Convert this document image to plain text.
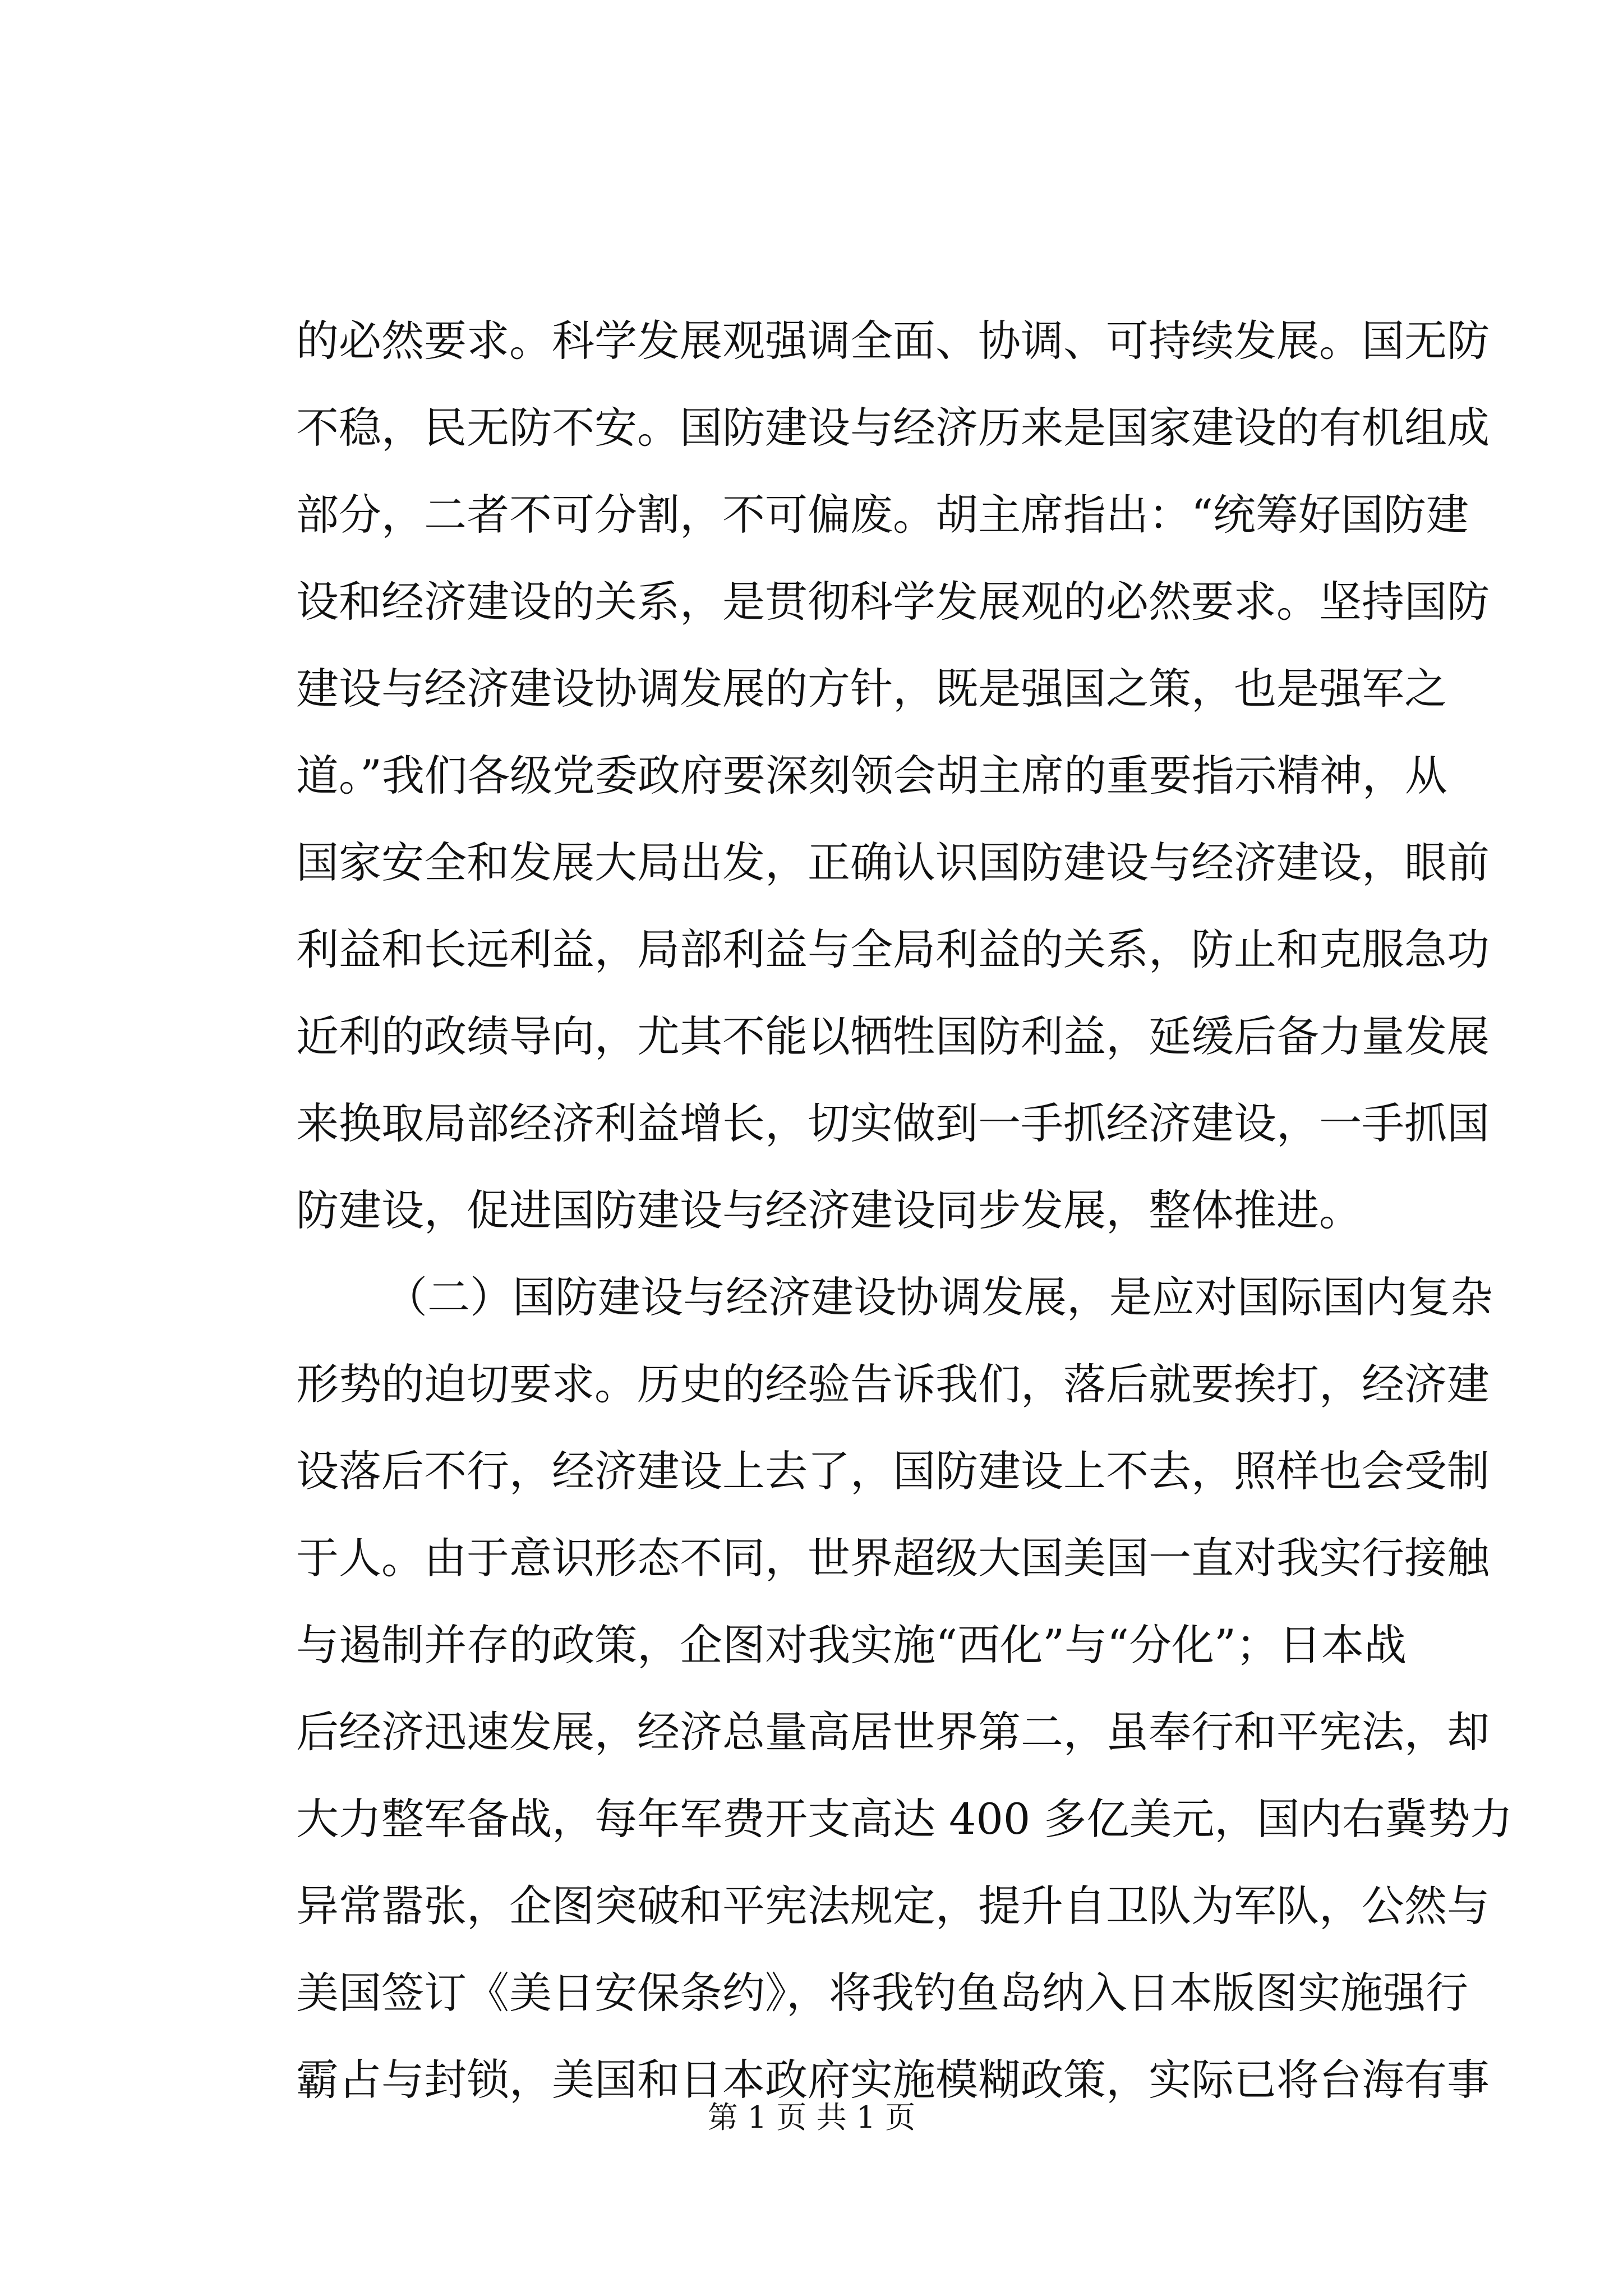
的必然要求。科学发展观强调全面、协调、可持续发展。国无防
不稳，民无防不安。国防建设与经济历来是国家建设的有机组成
部分，二者不可分割，不可偏废。胡主席指出：“统筹好国防建
设和经济建设的关系，是贯彻科学发展观的必然要求。坚持国防
建设与经济建设协调发展的方针，既是强国之策，也是强军之
道。”我们各级党委政府要深刻领会胡主席的重要指示精神，从
国家安全和发展大局出发，正确认识国防建设与经济建设，眼前
利益和长远利益，局部利益与全局利益的关系，防止和克服急功
近利的政绩导向，尤其不能以牺牲国防利益，延缓后备力量发展
来换取局部经济利益增长，切实做到一手抓经济建设，一手抓国
防建设，促进国防建设与经济建设同步发展，整体推进。
（二）国防建设与经济建设协调发展，是应对国际国内复杂
形势的迫切要求。历史的经验告诉我们，落后就要挨打，经济建
设落后不行，经济建设上去了，国防建设上不去，照样也会受制
于人。由于意识形态不同，世界超级大国美国一直对我实行接触
与遏制并存的政策，企图对我实施“西化”与“分化”；日本战
后经济迅速发展，经济总量高居世界第二，虽奉行和平宪法，却
大力整军备战，每年军费开支高达 400 多亿美元，国内右冀势力
异常嚣张，企图突破和平宪法规定，提升自卫队为军队，公然与
美国签订《美日安保条约》，将我钓鱼岛纳入日本版图实施强行
霸占与封锁，美国和日本政府实施模糊政策，实际已将台海有事
第 1 页 共 1 页
